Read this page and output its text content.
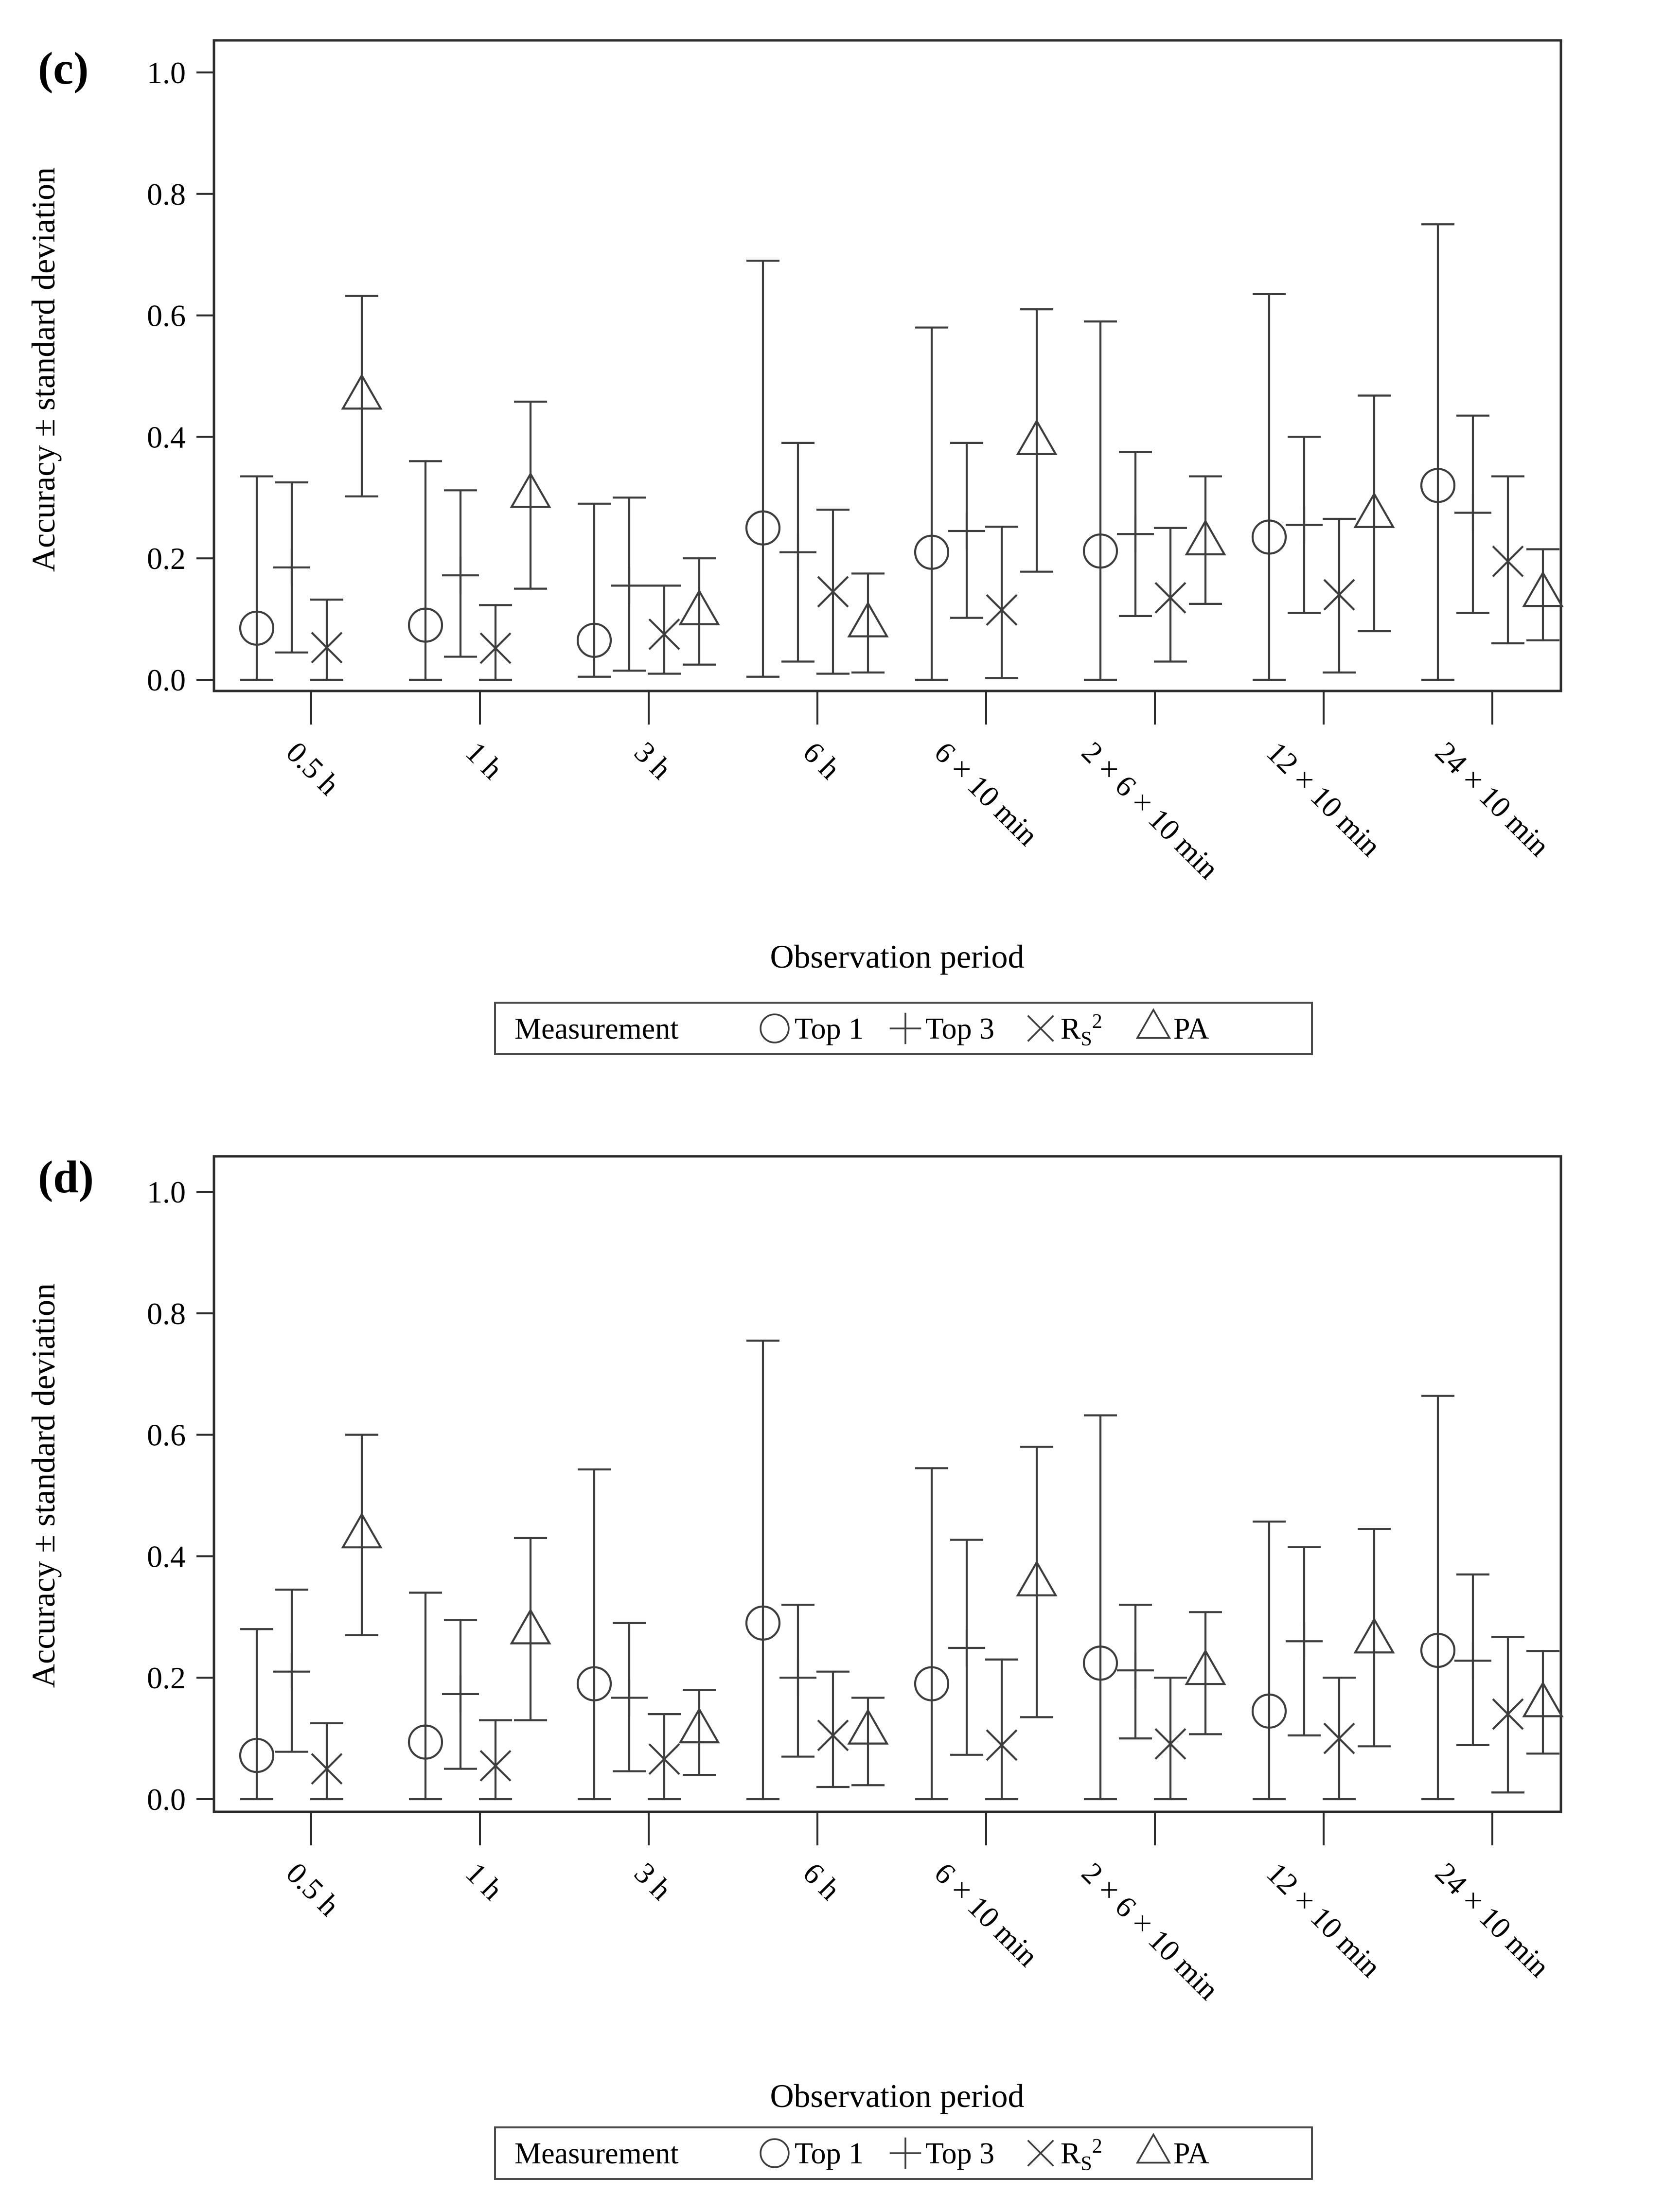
(c)
Accuracy ± standard deviation
Observation period
0.0
0.2
0.4
0.6
0.8
1.0
0.5 h	1 h	3 h	6 h	6 × 10 min 2 × 6 × 10 min 12 × 10 min 24 × 10 min
Measurement	Top 1 Top 3 $R_S^2$ PA
(d)
Accuracy ± standard deviation
Observation period
0.0
0.2
0.4
0.6
0.8
1.0
0.5 h	1 h	3 h	6 h	6 × 10 min 2 × 6 × 10 min 12 × 10 min 24 × 10 min
Measurement	Top 1 Top 3 $R_S^2$ PA
